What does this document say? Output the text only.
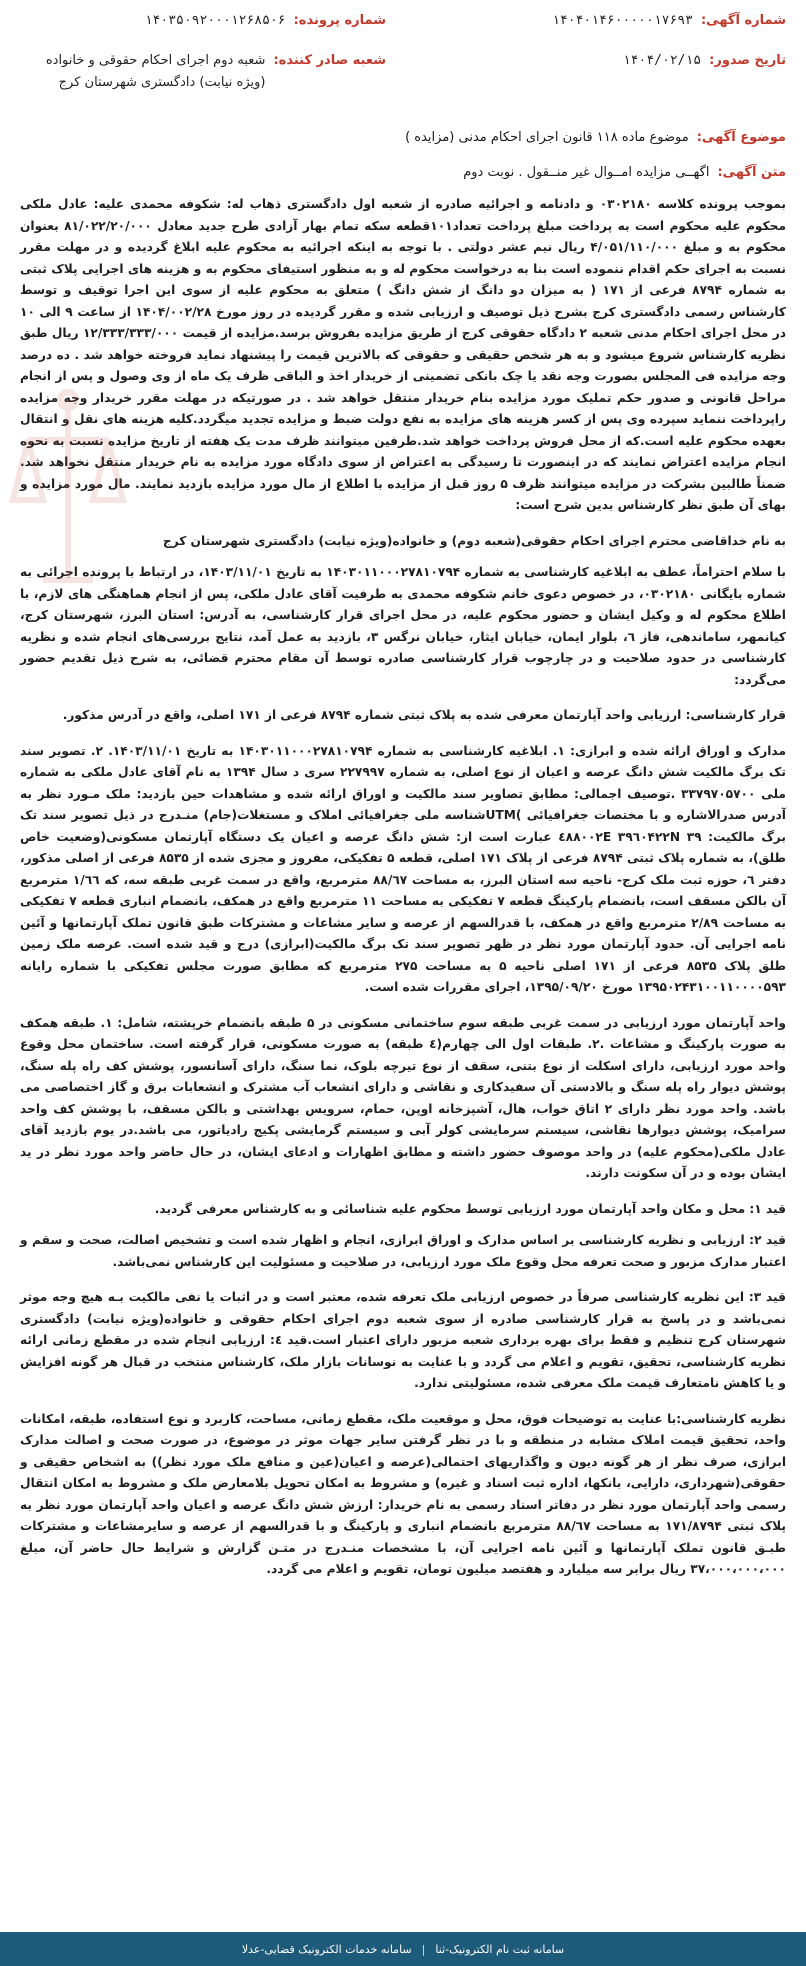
شماره آگهی:
۱۴۰۴۰۱۴۶۰۰۰۰۰۱۷۶۹۳
تاریخ صدور:
۱۴۰۴/۰۲/۱۵
شماره پرونده:
۱۴۰۳۵۰۹۲۰۰۰۱۲۶۸۵۰۶
شعبه صادر کننده:
شعبه دوم اجرای احکام حقوقی و خانواده (ویژه نیابت) دادگستری شهرستان کرج
موضوع آگهی:
موضوع ماده ۱۱۸ قانون اجرای احکام مدنی (مزایده )
متن آگهی:
اگهــی مزایده امــوال غیر منــقول . نوبت دوم

بموجب پرونده کلاسه ۰۳۰۲۱۸۰ و دادنامه و اجرائیه صادره از شعبه اول دادگستری ذهاب له: شکوفه محمدی علیه: عادل ملکی محکوم علیه محکوم است به پرداخت مبلغ پرداخت تعداد۱۰۱قطعه سکه تمام بهار آزادی طرح جدید معادل ۸۱/۰۲۲/۲۰/۰۰۰ بعنوان محکوم به و مبلغ ۴/۰۵۱/۱۱۰/۰۰۰ ریال نیم عشر دولتی . با توجه به اینکه اجرائیه به محکوم علیه ابلاغ گردیده و در مهلت مقرر نسبت به اجرای حکم اقدام ننموده است بنا به درخواست محکوم له و به منظور استیفای محکوم به و هزینه های اجرایی پلاک ثبتی به شماره ۸۷۹۴ فرعی از ۱۷۱ ( به میزان دو دانگ از شش دانگ ) متعلق به محکوم علیه از سوی این اجرا توقیف و توسط کارشناس رسمی دادگستری کرج بشرح ذیل توصیف و ارزیابی شده و مقرر گردیده در روز مورخ ۱۴۰۴/۰۰۲/۲۸ از ساعت ۹ الی ۱۰ در محل اجرای احکام مدنی شعبه ۲ دادگاه حقوقی کرج از طریق مزایده بفروش برسد.مزایده از قیمت ۱۲/۳۳۳/۳۳۳/۰۰۰ ریال طبق نظریه کارشناس شروع میشود و به هر شخص حقیقی و حقوقی که بالاترین قیمت را پیشنهاد نماید فروخته خواهد شد . ده درصد وجه مزایده فی المجلس بصورت وجه نقد یا چک بانکی تضمینی از خریدار اخذ و الباقی ظرف یک ماه از وی وصول و پس از انجام مراحل قانونی و صدور حکم تملیک مورد مزایده بنام خریدار منتقل خواهد شد . در صورتیکه در مهلت مقرر خریدار وجه مزایده راپرداخت ننماید سپرده وی پس از کسر هزینه های مزایده به نفع دولت ضبط و مزایده تجدید میگردد.کلیه هزینه های نقل و انتقال بعهده محکوم علیه است.که از محل فروش پرداخت خواهد شد.طرفین میتوانند ظرف مدت یک هفته از تاریخ مزایده نسبت به نحوه انجام مزایده اعتراض نمایند که در اینصورت تا رسیدگی به اعتراض از سوی دادگاه مورد مزایده به نام خریدار منتقل نخواهد شد. ضمناً طالبین بشرکت در مزایده میتوانند ظرف ۵ روز قبل از مزایده با اطلاع از مال مورد مزایده بازدید نمایند. مال مورد مزایده و بهای آن طبق نظر کارشناس بدین شرح است:

به نام خداقاضی محترم اجرای احکام حقوقی(شعبه دوم) و خانواده(ویژه نیابت) دادگستری شهرستان کرج

با سلام احتراماً، عطف به ابلاغیه کارشناسی به شماره ۱۴۰۳۰۱۱۰۰۰۲۷۸۱۰۷۹۴ به تاریخ ۱۴۰۳/۱۱/۰۱، در ارتباط با پرونده اجرائی به شماره بایگانی ۰۳۰۲۱۸۰، در خصوص دعوی خانم شکوفه محمدی به طرفیت آقای عادل ملکی، پس از انجام هماهنگی های لازم، با اطلاع محکوم له و وکیل ایشان و حضور محکوم علیه، در محل اجرای قرار کارشناسی، به آدرس: استان البرز، شهرستان کرج، کیانمهر، ساماندهی، فاز ٦، بلوار ایمان، خیابان ایثار، خیابان نرگس ۳، بازدید به عمل آمد، نتایج بررسی‌های انجام شده و نظریه کارشناسی در حدود صلاحیت و در چارچوب قرار کارشناسی صادره توسط آن مقام محترم قضائی، به شرح ذیل تقدیم حضور می‌گردد:

قرار کارشناسی: ارزیابی واحد آپارتمان معرفی شده به پلاک ثبتی شماره ۸۷۹۴ فرعی از ۱۷۱ اصلی، واقع در آدرس مذکور.

مدارک و اوراق ارائه شده و ابرازی: ۱. ابلاغیه کارشناسی به شماره ۱۴۰۳۰۱۱۰۰۰۲۷۸۱۰۷۹۴ به تاریخ ۱۴۰۳/۱۱/۰۱. ۲. تصویر سند تک برگ مالکیت شش دانگ عرصه و اعیان از نوع اصلی، به شماره ۲۲۷۹۹۷ سری د سال ۱۳۹۴ به نام آقای عادل ملکی به شماره ملی ۳۳۷۹۷۰۵۷۰۰ .توصیف اجمالی: مطابق تصاویر سند مالکیت و اوراق ارائه شده و مشاهدات حین بازدید: ملک مـورد نظر به آدرس صدرالاشاره و با مختصات جغرافیائی )UTMشناسه ملی جغرافیائی املاک و مستغلات(جام) منـدرج در ذیل تصویر سند تک برگ مالکیت: ۳۹ ۳۹٦۰۴۲۲N ٤۸۸۰۰۲E عبارت است از: شش دانگ عرصه و اعیان یک دستگاه آپارتمان مسکونی(وضعیت خاص طلق)، به شماره پلاک ثبتی ۸۷۹۴ فرعی از پلاک ۱۷۱ اصلی، قطعه ۵ تفکیکی، مفروز و مجزی شده از ۸۵۳۵ فرعی از اصلی مذکور، دفتر ٦، حوزه ثبت ملک کرج- ناحیه سه استان البرز، به مساحت ۸۸/٦۷ مترمربع، واقع در سمت غربی طبقه سه، که ۱/٦٦ مترمربع آن بالکن مسقف است، بانضمام پارکینگ قطعه ۷ تفکیکی به مساحت ۱۱ مترمربع واقع در همکف، بانضمام انباری قطعه ۷ تفکیکی به مساحت ۲/۸۹ مترمربع واقع در همکف، با قدرالسهم از عرصه و سایر مشاعات و مشترکات طبق قانون تملک آپارتمانها و آئین نامه اجرایی آن. حدود آپارتمان مورد نظر در ظهر تصویر سند تک برگ مالکیت(ابرازی) درج و قید شده است. عرصه ملک زمین طلق پلاک ۸۵۳۵ فرعی از ۱۷۱ اصلی ناحیه ۵ به مساحت ۲۷۵ مترمربع که مطابق صورت مجلس تفکیکی با شماره رایانه ۱۳۹۵۰۲۴۳۱۰۰۱۱۰۰۰۰۵۹۳ مورخ ۱۳۹۵/۰۹/۲۰، اجرای مقررات شده است.

واحد آپارتمان مورد ارزیابی در سمت غربی طبقه سوم ساختمانی مسکونی در ۵ طبقه بانضمام خرپشته، شامل: ۱. طبقه همکف به صورت پارکینگ و مشاعات .۲. طبقات اول الی چهارم(٤ طبقه) به صورت مسکونی، قرار گرفته است. ساختمان محل وقوع واحد مورد ارزیابی، دارای اسکلت از نوع بتنی، سقف از نوع تیرچه بلوک، نما سنگ، دارای آسانسور، پوشش کف راه پله سنگ، پوشش دیوار راه پله سنگ و بالادستی آن سفیدکاری و نقاشی و دارای انشعاب آب مشترک و انشعابات برق و گاز اختصاصی می باشد. واحد مورد نظر دارای ۲ اتاق خواب، هال، آشپزخانه اوپن، حمام، سرویس بهداشتی و بالکن مسقف، با پوشش کف واحد سرامیک، پوشش دیوارها نقاشی، سیستم سرمایشی کولر آبی و سیستم گرمایشی پکیج رادیاتور، می باشد.در یوم بازدید آقای عادل ملکی(محکوم علیه) در واحد موصوف حضور داشته و مطابق اظهارات و ادعای ایشان، در حال حاضر واحد مورد نظر در ید ایشان بوده و در آن سکونت دارند.

قید ۱: محل و مکان واحد آپارتمان مورد ارزیابی توسط محکوم علیه شناسائی و به کارشناس معرفی گردید.

قید ۲: ارزیابی و نظریه کارشناسی بر اساس مدارک و اوراق ابرازی، انجام و اظهار شده است و تشخیص اصالت، صحت و سقم و اعتبار مدارک مزبور و صحت تعرفه محل وقوع ملک مورد ارزیابی، در صلاحیت و مسئولیت این کارشناس نمی‌باشد.

قید ۳: این نظریه کارشناسی صرفاً در خصوص ارزیابی ملک تعرفه شده، معتبر است و در اثبات یا نفی مالکیت بـه هیچ وجه موثر نمی‌باشد و در پاسخ به قرار کارشناسی صادره از سوی شعبه دوم اجرای احکام حقوقی و خانواده(ویژه نیابت) دادگستری شهرستان کرج تنظیم و فقط برای بهره برداری شعبه مزبور دارای اعتبار است.قید ٤: ارزیابی انجام شده در مقطع زمانی ارائه نظریه کارشناسی، تحقیق، تقویم و اعلام می گردد و با عنایت به نوسانات بازار ملک، کارشناس منتخب در قبال هر گونه افزایش و یا کاهش نامتعارف قیمت ملک معرفی شده، مسئولیتی ندارد.

نظریه کارشناسی:با عنایت به توضیحات فوق، محل و موقعیت ملک، مقطع زمانی، مساحت، کاربرد و نوع استفاده، طبقه، امکانات واحد، تحقیق قیمت املاک مشابه در منطقه و با در نظر گرفتن سایر جهات موثر در موضوع، در صورت صحت و اصالت مدارک ابرازی، صرف نظر از هر گونه دیون و واگذاریهای احتمالی(عرصه و اعیان(عین و منافع ملک مورد نظر)) به اشخاص حقیقی و حقوقی(شهرداری، دارایی، بانکها، اداره ثبت اسناد و غیره) و مشروط به امکان تحویل بلامعارض ملک و مشروط به امکان انتقال رسمی واحد آپارتمان مورد نظر در دفاتر اسناد رسمی به نام خریدار: ارزش شش دانگ عرصه و اعیان واحد آپارتمان مورد نظر به پلاک ثبتی ۱۷۱/۸۷۹۴ به مساحت ۸۸/٦۷ مترمربع بانضمام انباری و پارکینگ و با قدرالسهم از عرصه و سایرمشاعات و مشترکات طبـق قانون تملک آپارتمانها و آئین نامه اجرایی آن، با مشخصات منـدرج در متـن گزارش و شرایط حال حاضر آن، مبلغ ۳۷،۰۰۰،۰۰۰،۰۰۰ ریال برابر سه میلیارد و هفتصد میلیون تومان، تقویم و اعلام می گردد.

سامانه ثبت نام الکترونیک-ثنا
|
سامانه خدمات الکترونیک قضایی-عدلا
